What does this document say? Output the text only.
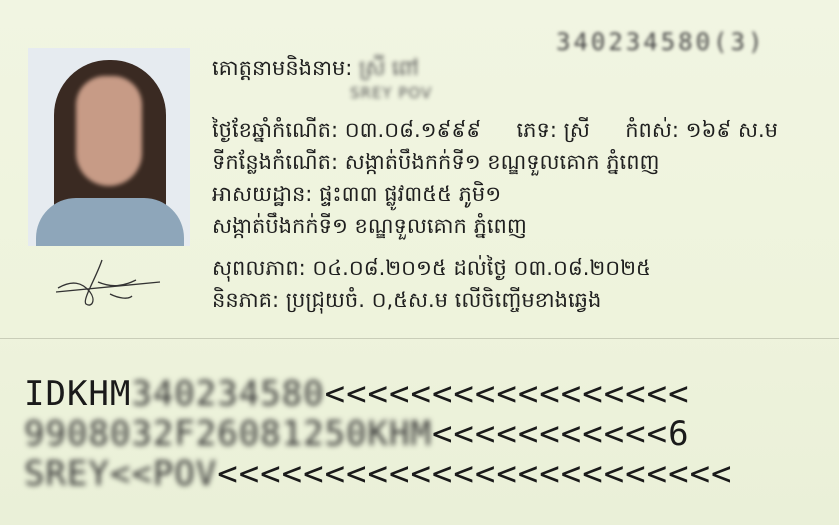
340234580(3)
គោត្តនាមនិងនាម: ស្រី ពៅ
SREY POV
ថ្ងៃខែឆ្នាំកំណើត: ០៣.០៨.១៩៩៩ ភេទ: ស្រី កំពស់: ១៦៩ ស.ម
ទីកន្លែងកំណើត: សង្កាត់បឹងកក់ទី១ ខណ្ឌទួលគោក ភ្នំពេញ
អាសយដ្ឋាន: ផ្ទះ៣៣ ផ្លូវ៣៥៥ ភូមិ១
សង្កាត់បឹងកក់ទី១ ខណ្ឌទួលគោក ភ្នំពេញ
សុពលភាព: ០៤.០៨.២០១៥ ដល់ថ្ងៃ ០៣.០៨.២០២៥
និនភាគ: ប្រជ្រុយចំ. ០,៥ស.ម លើចិញ្ចើមខាងឆ្វេង
IDKHM340234580<<<<<<<<<<<<<<<<<
9908032F26081250KHM<<<<<<<<<<<6
SREY<<POV<<<<<<<<<<<<<<<<<<<<<<<<
